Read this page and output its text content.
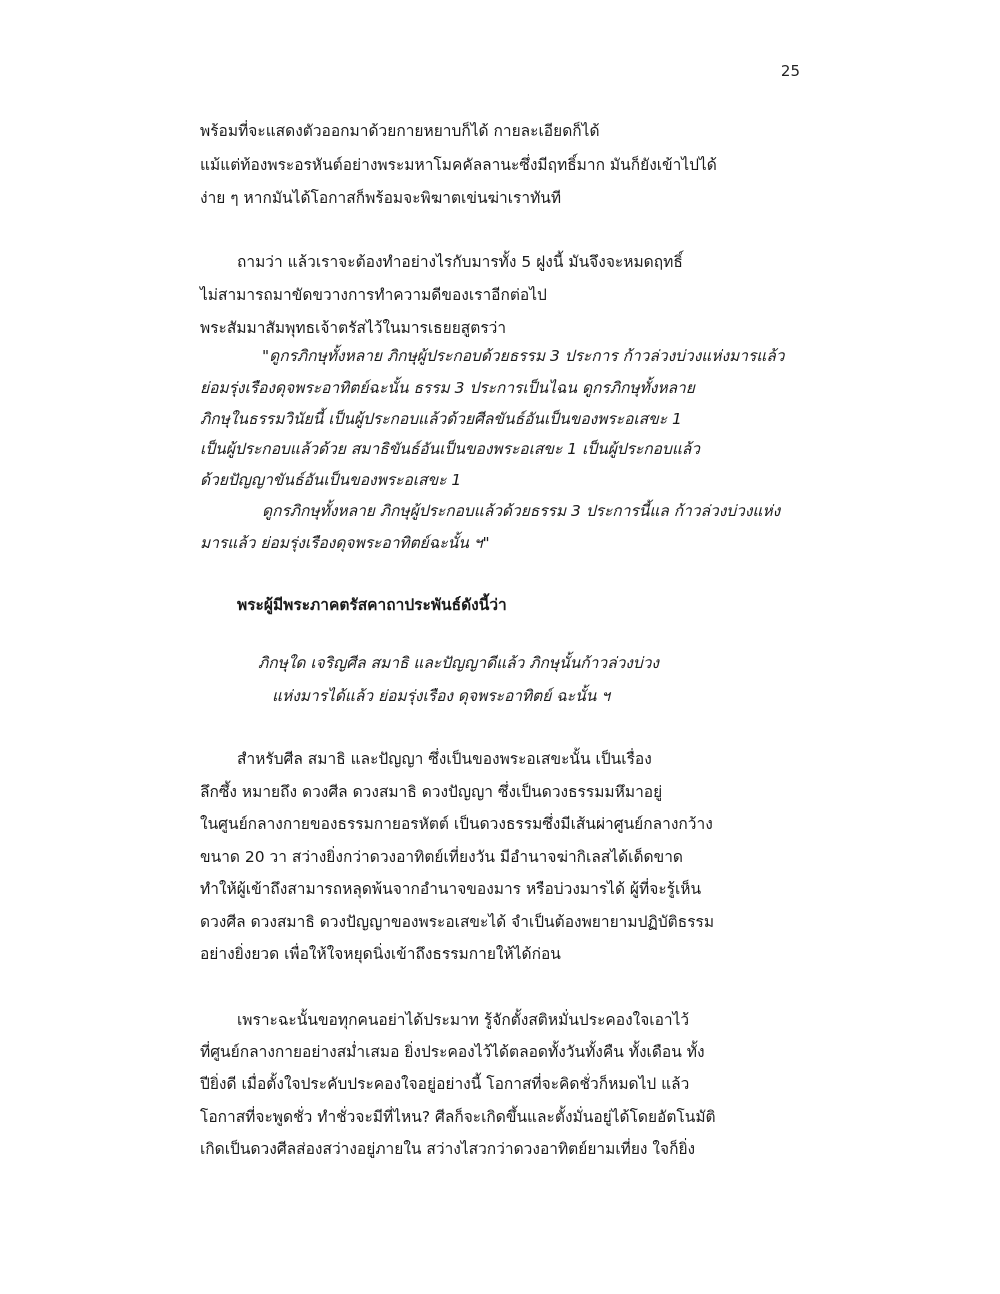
25
พร้อมที่จะแสดงตัวออกมาด้วยกายหยาบก็ได้ กายละเอียดก็ได้
แม้แต่ท้องพระอรหันต์อย่างพระมหาโมคคัลลานะซึ่งมีฤทธิ์มาก มันก็ยังเข้าไปได้
ง่าย ๆ หากมันได้โอกาสก็พร้อมจะพิฆาตเข่นฆ่าเราทันที
ถามว่า แล้วเราจะต้องทำอย่างไรกับมารทั้ง 5 ฝูงนี้ มันจึงจะหมดฤทธิ์
ไม่สามารถมาขัดขวางการทำความดีของเราอีกต่อไป
พระสัมมาสัมพุทธเจ้าตรัสไว้ในมารเธยยสูตรว่า
"ดูกรภิกษุทั้งหลาย ภิกษุผู้ประกอบด้วยธรรม 3 ประการ ก้าวล่วงบ่วงแห่งมารแล้ว
ย่อมรุ่งเรืองดุจพระอาทิตย์ฉะนั้น ธรรม 3 ประการเป็นไฉน ดูกรภิกษุทั้งหลาย
ภิกษุในธรรมวินัยนี้ เป็นผู้ประกอบแล้วด้วยศีลขันธ์อันเป็นของพระอเสขะ 1
เป็นผู้ประกอบแล้วด้วย สมาธิขันธ์อันเป็นของพระอเสขะ 1 เป็นผู้ประกอบแล้ว
ด้วยปัญญาขันธ์อันเป็นของพระอเสขะ 1
ดูกรภิกษุทั้งหลาย ภิกษุผู้ประกอบแล้วด้วยธรรม 3 ประการนี้แล ก้าวล่วงบ่วงแห่ง
มารแล้ว ย่อมรุ่งเรืองดุจพระอาทิตย์ฉะนั้น ฯ"
พระผู้มีพระภาคตรัสคาถาประพันธ์ดังนี้ว่า
ภิกษุใด เจริญศีล สมาธิ และปัญญาดีแล้ว ภิกษุนั้นก้าวล่วงบ่วง
แห่งมารได้แล้ว ย่อมรุ่งเรือง ดุจพระอาทิตย์ ฉะนั้น ฯ
สำหรับศีล สมาธิ และปัญญา ซึ่งเป็นของพระอเสขะนั้น เป็นเรื่อง
ลึกซึ้ง หมายถึง ดวงศีล ดวงสมาธิ ดวงปัญญา ซึ่งเป็นดวงธรรมมหึมาอยู่
ในศูนย์กลางกายของธรรมกายอรหัตต์ เป็นดวงธรรมซึ่งมีเส้นผ่าศูนย์กลางกว้าง
ขนาด 20 วา สว่างยิ่งกว่าดวงอาทิตย์เที่ยงวัน มีอำนาจฆ่ากิเลสได้เด็ดขาด
ทำให้ผู้เข้าถึงสามารถหลุดพ้นจากอำนาจของมาร หรือบ่วงมารได้ ผู้ที่จะรู้เห็น
ดวงศีล ดวงสมาธิ ดวงปัญญาของพระอเสขะได้ จำเป็นต้องพยายามปฏิบัติธรรม
อย่างยิ่งยวด เพื่อให้ใจหยุดนิ่งเข้าถึงธรรมกายให้ได้ก่อน
เพราะฉะนั้นขอทุกคนอย่าได้ประมาท รู้จักตั้งสติหมั่นประคองใจเอาไว้
ที่ศูนย์กลางกายอย่างสม่ำเสมอ ยิ่งประคองไว้ได้ตลอดทั้งวันทั้งคืน ทั้งเดือน ทั้ง
ปียิ่งดี เมื่อตั้งใจประคับประคองใจอยู่อย่างนี้ โอกาสที่จะคิดชั่วก็หมดไป แล้ว
โอกาสที่จะพูดชั่ว ทำชั่วจะมีที่ไหน? ศีลก็จะเกิดขึ้นและตั้งมั่นอยู่ได้โดยอัตโนมัติ
เกิดเป็นดวงศีลส่องสว่างอยู่ภายใน สว่างไสวกว่าดวงอาทิตย์ยามเที่ยง ใจก็ยิ่ง
